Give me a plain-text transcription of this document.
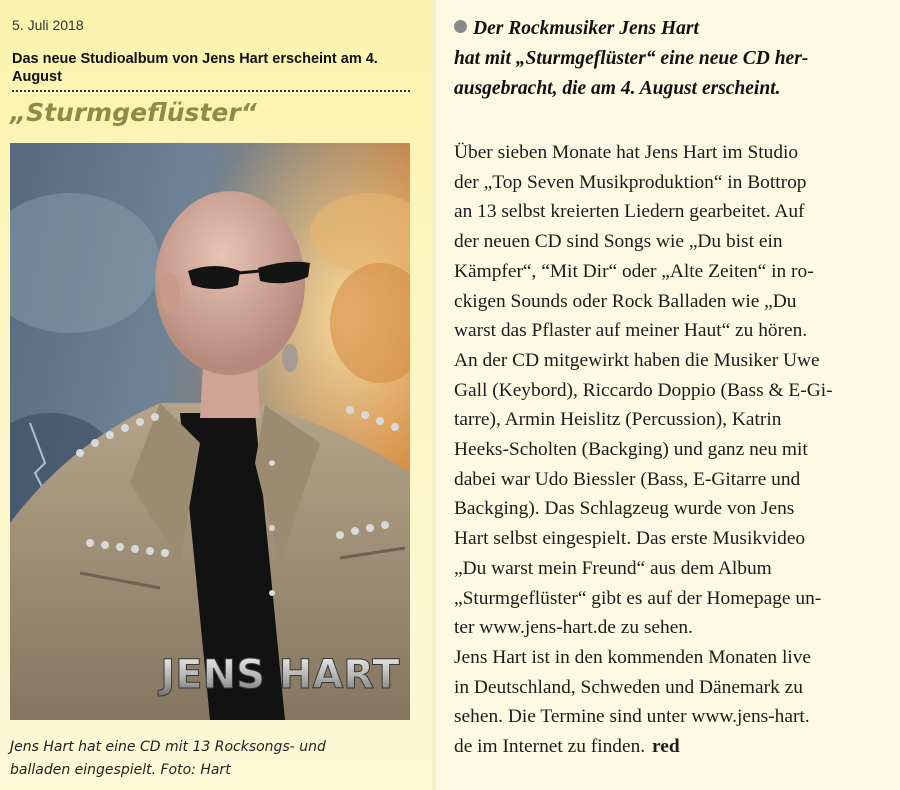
5. Juli 2018
Das neue Studioalbum von Jens Hart erscheint am 4. August
„Sturmgeflüster“
JENS HART
Jens Hart hat eine CD mit 13 Rocksongs- und
balladen eingespielt. Foto: Hart
Der Rockmusiker Jens Hart
hat mit „Sturmgeflüster“ eine neue CD her-
ausgebracht, die am 4. August erscheint.

Über sieben Monate hat Jens Hart im Studio

der „Top Seven Musikproduktion“ in Bottrop

an 13 selbst kreierten Liedern gearbeitet. Auf

der neuen CD sind Songs wie „Du bist ein

Kämpfer“, “Mit Dir“ oder „Alte Zeiten“ in ro-

ckigen Sounds oder Rock Balladen wie „Du

warst das Pflaster auf meiner Haut“ zu hören.

An der CD mitgewirkt haben die Musiker Uwe

Gall (Keybord), Riccardo Doppio (Bass & E-Gi-

tarre), Armin Heislitz (Percussion), Katrin

Heeks-Scholten (Backging) und ganz neu mit

dabei war Udo Biessler (Bass, E-Gitarre und

Backging). Das Schlagzeug wurde von Jens

Hart selbst eingespielt. Das erste Musikvideo

„Du warst mein Freund“ aus dem Album

„Sturmgeflüster“ gibt es auf der Homepage un-

ter www.jens-hart.de zu sehen.

Jens Hart ist in den kommenden Monaten live

in Deutschland, Schweden und Dänemark zu

sehen. Die Termine sind unter www.jens-hart.

de im Internet zu finden. red
